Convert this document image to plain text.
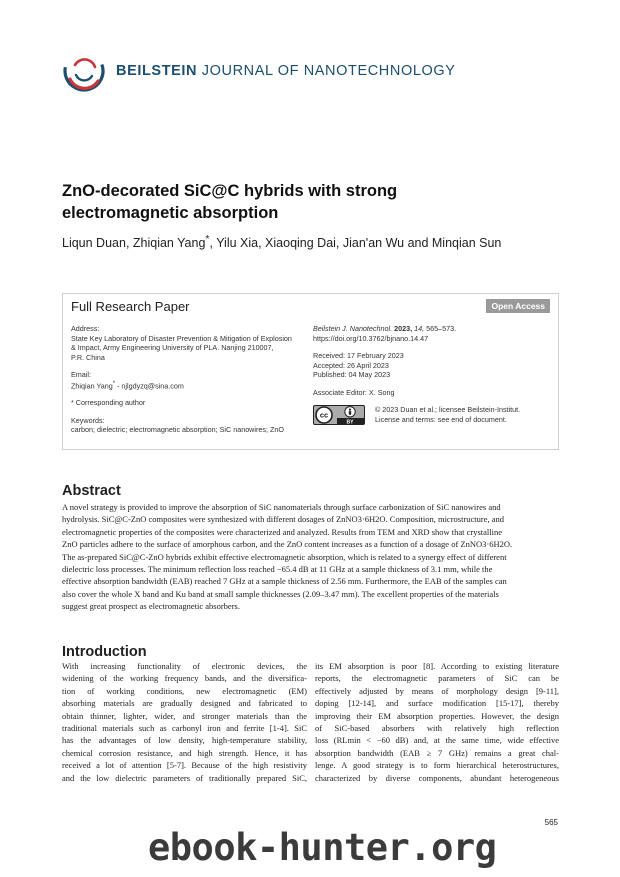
BEILSTEIN JOURNAL OF NANOTECHNOLOGY
ZnO-decorated SiC@C hybrids with strong
electromagnetic absorption
Liqun Duan, Zhiqian Yang*, Yilu Xia, Xiaoqing Dai, Jian'an Wu and Minqian Sun
Full Research Paper	Open Access
Address:
State Key Laboratory of Disaster Prevention & Mitigation of Explosion
& Impact, Army Engineering University of PLA. Nanjing 210007,
P.R. China
Email:
Zhiqian Yang* - njlgdyzq@sina.com
* Corresponding author
Keywords:
carbon; dielectric; electromagnetic absorption; SiC nanowires; ZnO
Beilstein J. Nanotechnol. 2023, 14, 565–573.
https://doi.org/10.3762/bjnano.14.47
Received: 17 February 2023
Accepted: 26 April 2023
Published: 04 May 2023
Associate Editor: X. Song
cc
BY
© 2023 Duan et al.; licensee Beilstein-Institut.
License and terms: see end of document.
Abstract
A novel strategy is provided to improve the absorption of SiC nanomaterials through surface carbonization of SiC nanowires and
hydrolysis. SiC@C-ZnO composites were synthesized with different dosages of ZnNO3·6H2O. Composition, microstructure, and
electromagnetic properties of the composites were characterized and analyzed. Results from TEM and XRD show that crystalline
ZnO particles adhere to the surface of amorphous carbon, and the ZnO content increases as a function of a dosage of ZnNO3·6H2O.
The as-prepared SiC@C-ZnO hybrids exhibit effective electromagnetic absorption, which is related to a synergy effect of different
dielectric loss processes. The minimum reflection loss reached −65.4 dB at 11 GHz at a sample thickness of 3.1 mm, while the
effective absorption bandwidth (EAB) reached 7 GHz at a sample thickness of 2.56 mm. Furthermore, the EAB of the samples can
also cover the whole X band and Ku band at small sample thicknesses (2.09–3.47 mm). The excellent properties of the materials
suggest great prospect as electromagnetic absorbers.
Introduction
With increasing functionality of electronic devices, the
widening of the working frequency bands, and the diversifica-
tion of working conditions, new electromagnetic (EM)
absorbing materials are gradually designed and fabricated to
obtain thinner, lighter, wider, and stronger materials than the
traditional materials such as carbonyl iron and ferrite [1-4]. SiC
has the advantages of low density, high-temperature stability,
chemical corrosion resistance, and high strength. Hence, it has
received a lot of attention [5-7]. Because of the high resistivity
and the low dielectric parameters of traditionally prepared SiC,
its EM absorption is poor [8]. According to existing literature
reports, the electromagnetic parameters of SiC can be
effectively adjusted by means of morphology design [9-11],
doping [12-14], and surface modification [15-17], thereby
improving their EM absorption properties. However, the design
of SiC-based absorbers with relatively high reflection
loss (RLmin < −60 dB) and, at the same time, wide effective
absorption bandwidth (EAB ≥ 7 GHz) remains a great chal-
lenge. A good strategy is to form hierarchical heterostructures,
characterized by diverse components, abundant heterogeneous
565
ebook-hunter.org
